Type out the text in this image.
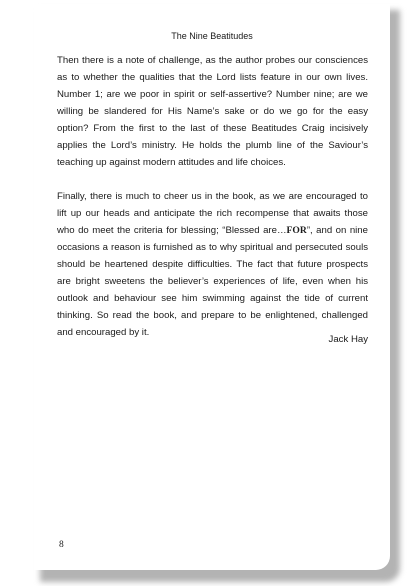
The Nine Beatitudes

Then there is a note of challenge, as the author probes our consciences as to whether the qualities that the Lord lists feature in our own lives. Number 1; are we poor in spirit or self-assertive? Number nine; are we willing be slandered for His Name’s sake or do we go for the easy option? From the first to the last of these Beatitudes Craig incisively applies the Lord’s ministry. He holds the plumb line of the Saviour’s teaching up against modern attitudes and life choices.

Finally, there is much to cheer us in the book, as we are encouraged to lift up our heads and anticipate the rich recompense that awaits those who do meet the criteria for blessing; “Blessed are…FOR”, and on nine occasions a reason is furnished as to why spiritual and persecuted souls should be heartened despite difficulties. The fact that future prospects are bright sweetens the believer’s experiences of life, even when his outlook and behaviour see him swimming against the tide of current thinking. So read the book, and prepare to be enlightened, challenged and encouraged by it.

Jack Hay
8
